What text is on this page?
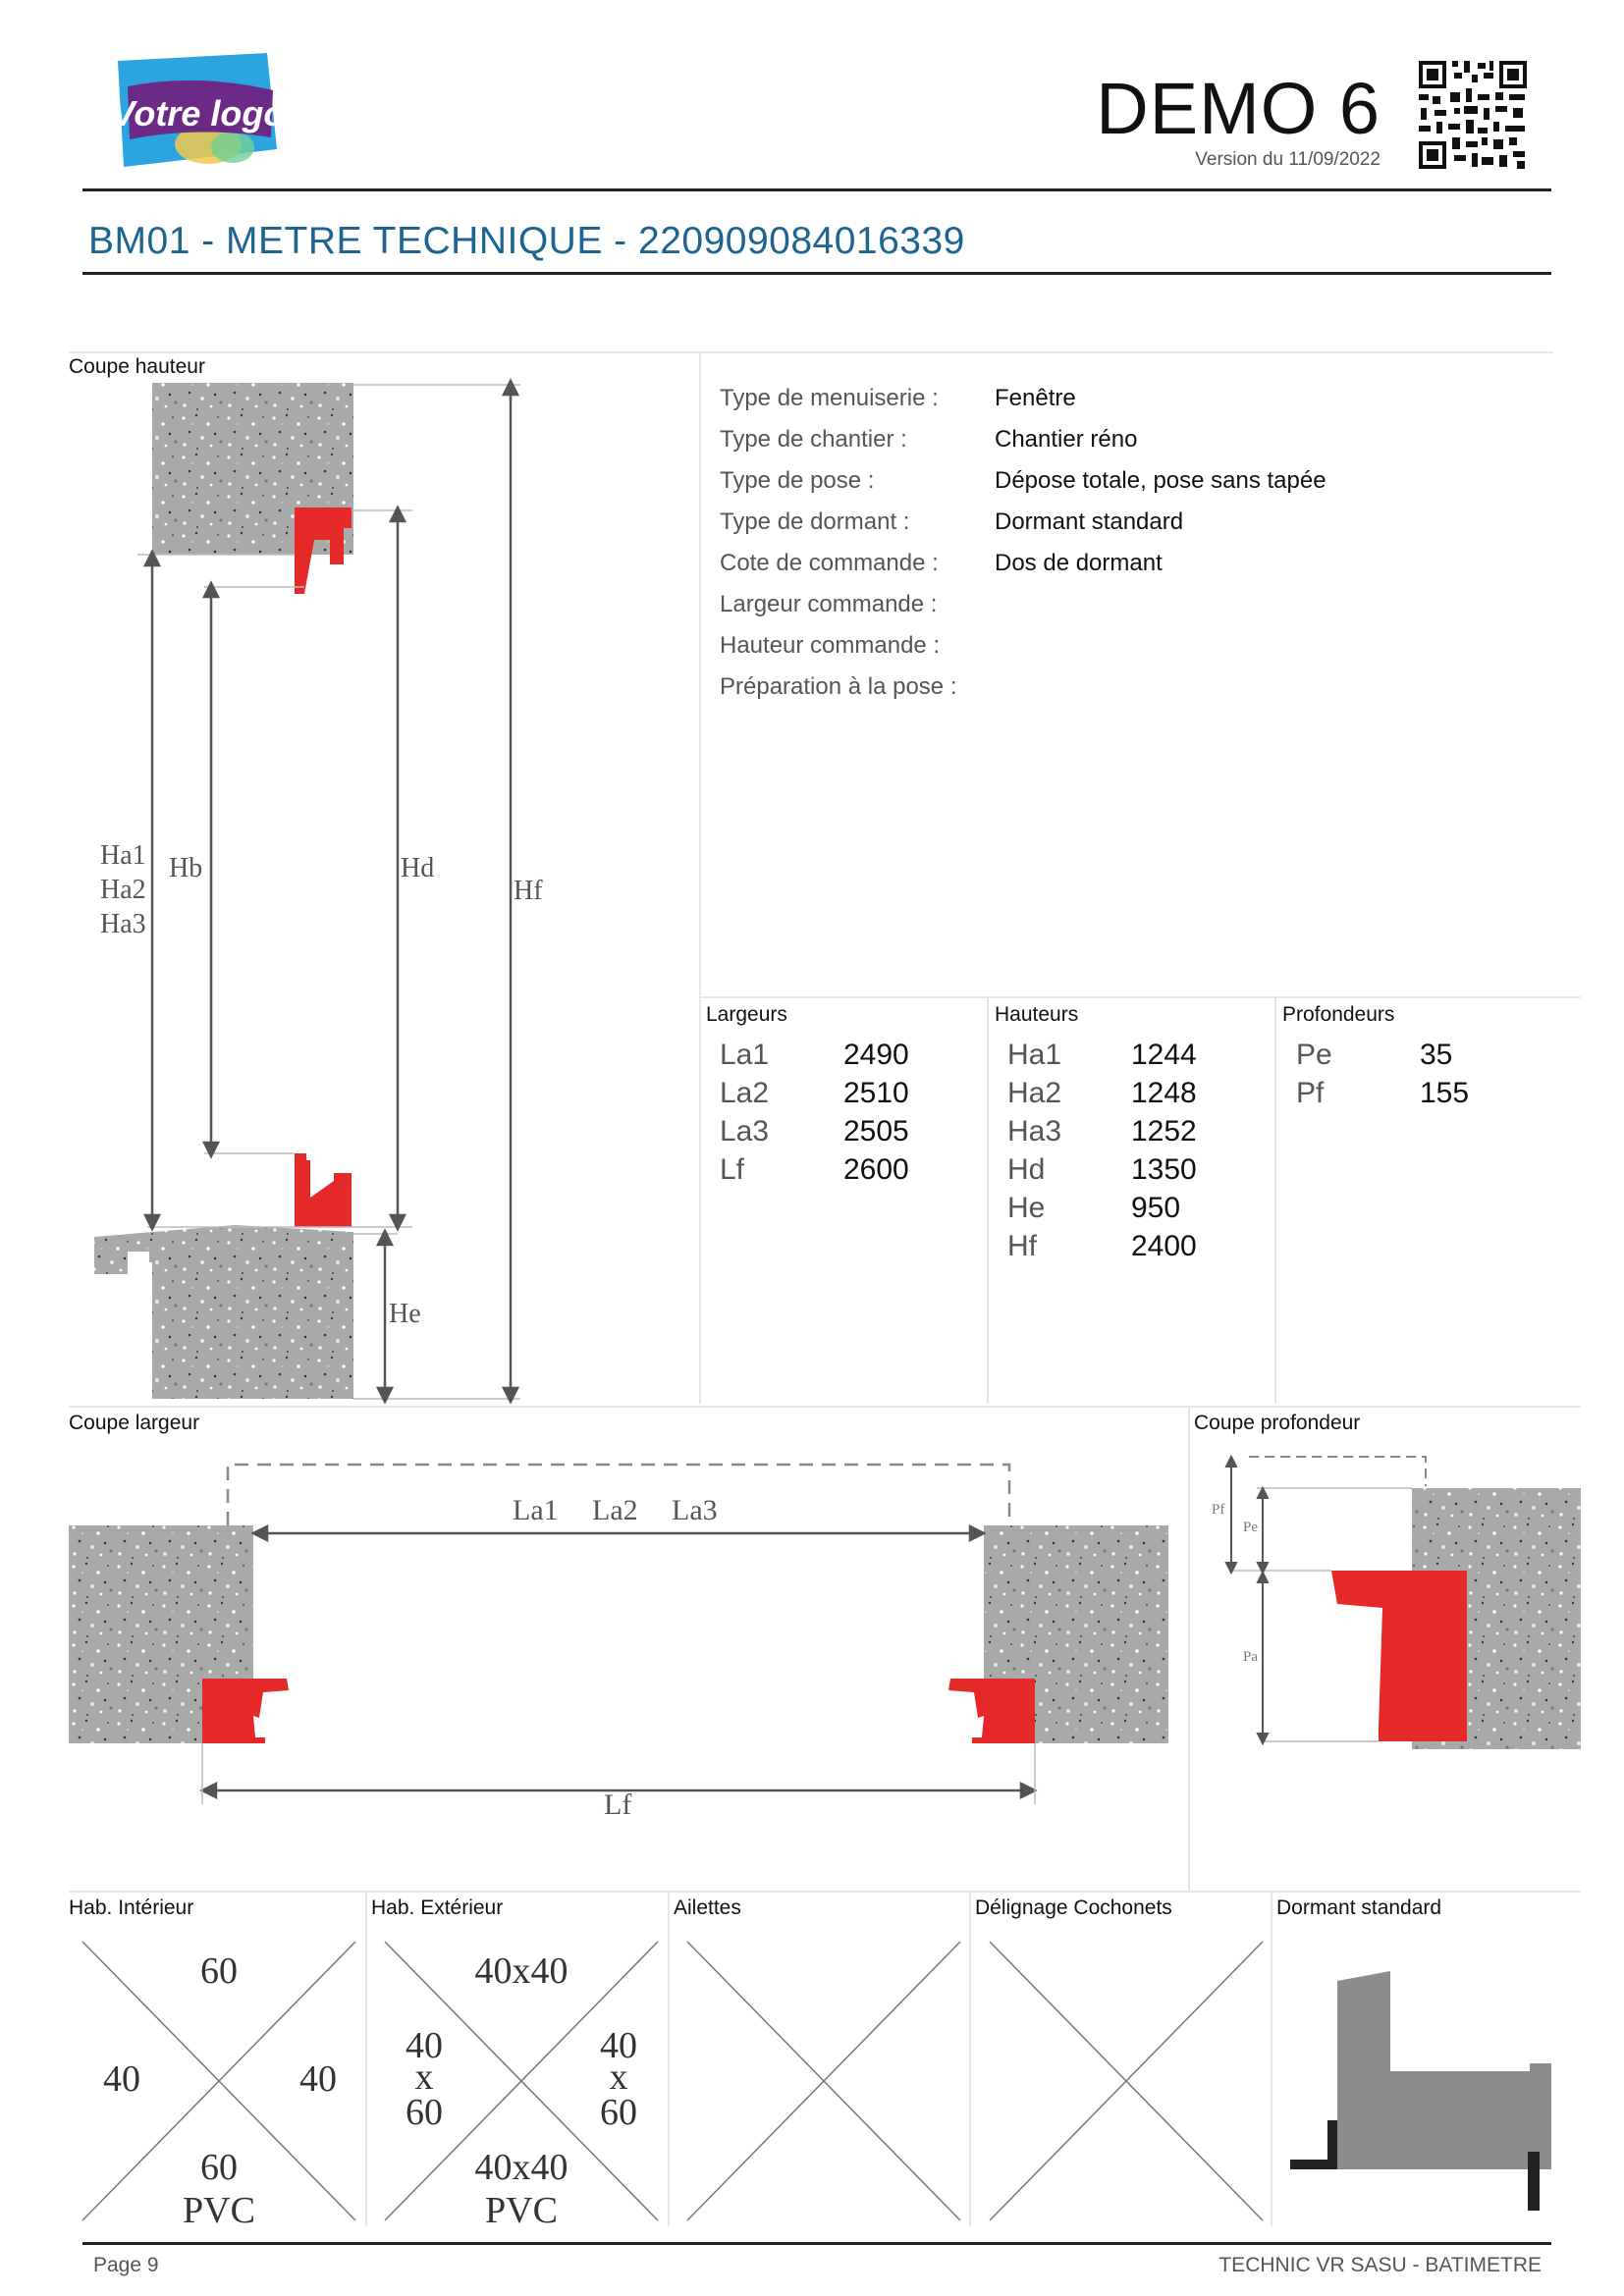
Votre logo	DEMO 6
Version du 11/09/2022
BM01 - METRE TECHNIQUE - 220909084016339
Coupe hauteur
Ha1
Ha2
Ha3
Hb	Hd
Hf
He
Type de menuiserie : Fenêtre
Type de chantier :	Chantier réno
Type de pose :	Dépose totale, pose sans tapée
Type de dormant :	Dormant standard
Cote de commande : Dos de dormant
Largeur commande :
Hauteur commande :
Préparation à la pose :
Largeurs	Hauteurs	Profondeurs
La1	2490
La2	2510
La3	2505
Lf	2600
Ha1 1244
Ha2 1248
Ha3 1252
Hd	1350
He	950
Hf	2400
Pe	35
Pf	155
Coupe largeur
La1 La2 La3
Lf
Coupe profondeur
Pf
Pe
Pa
Hab. Intérieur	Hab. Extérieur	Ailettes	Délignage Cochonets	Dormant standard
60
40	40
60
PVC
40x40
40
x
60
40
x
60
40x40
PVC
Page 9	TECHNIC VR SASU - BATIMETRE
